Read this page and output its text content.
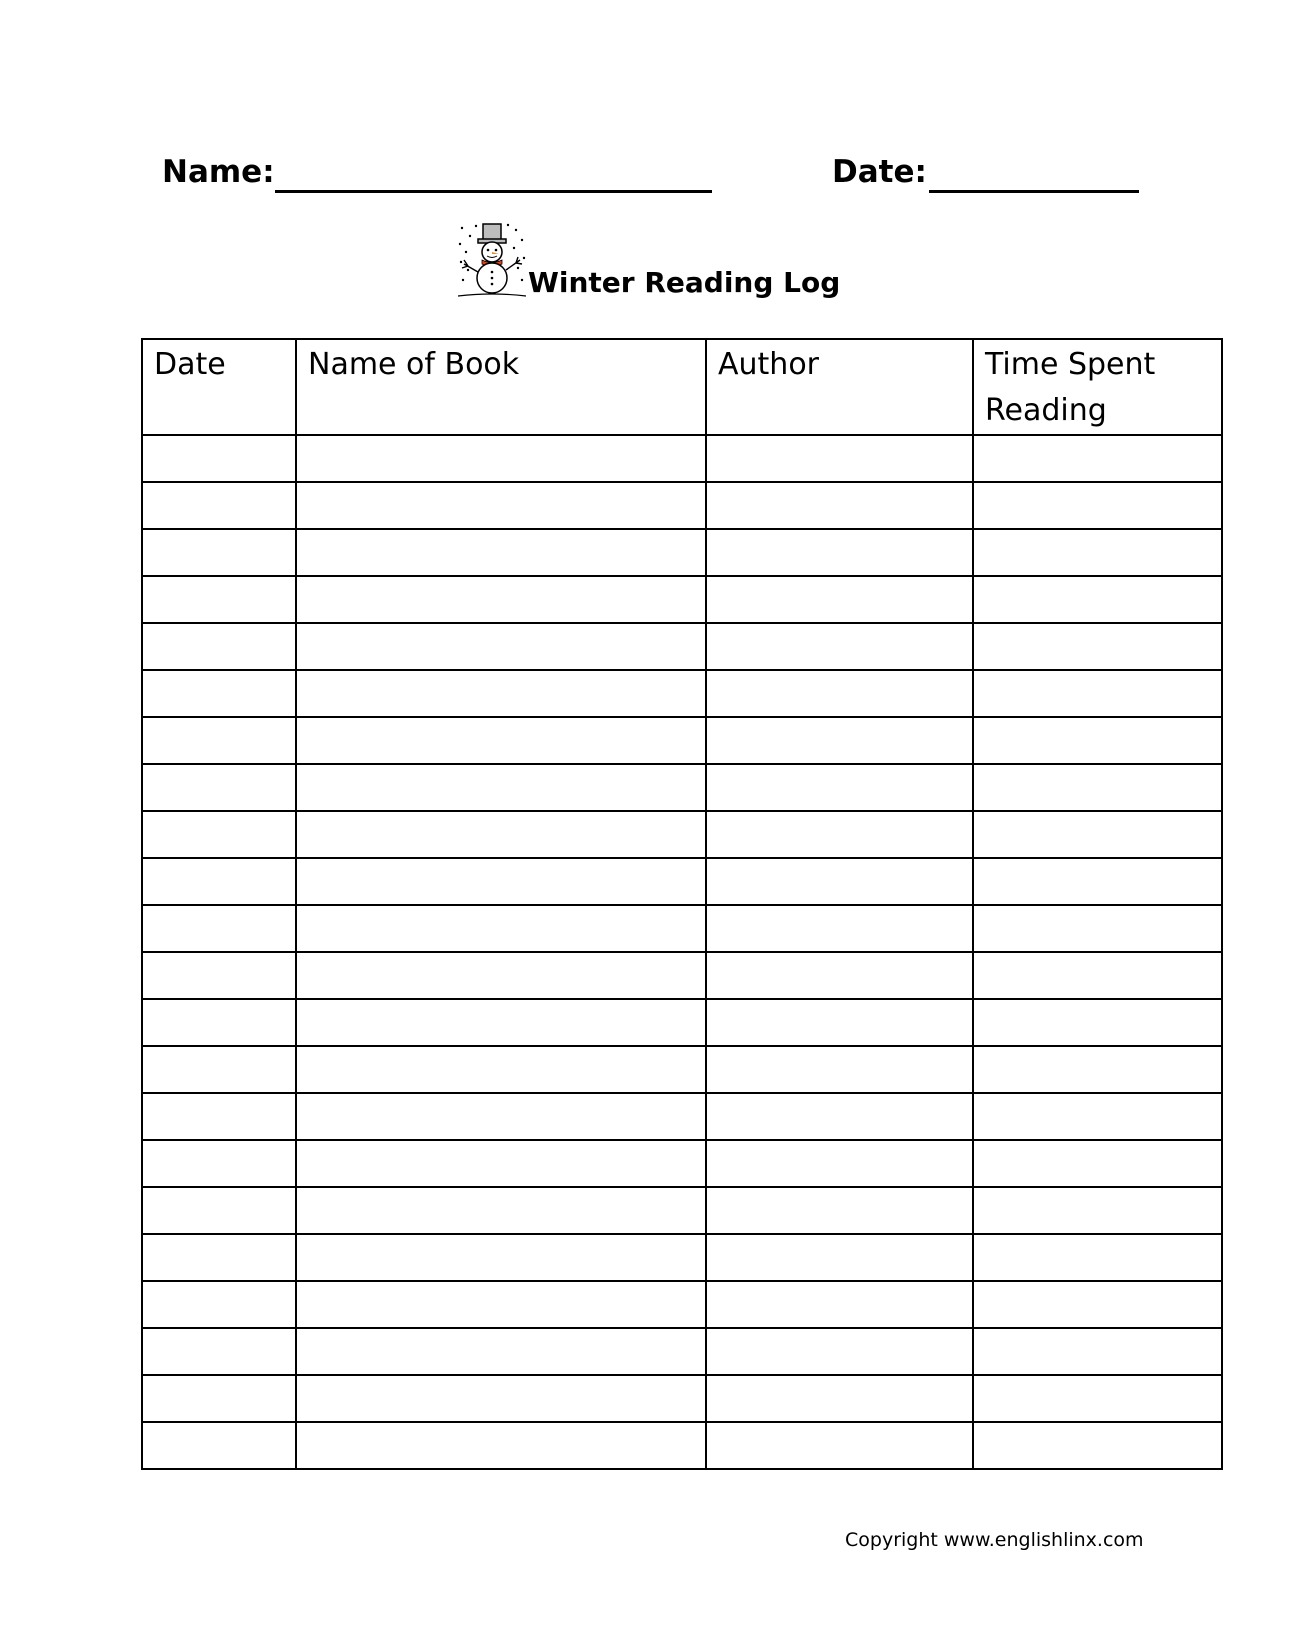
Name:	Date:
Winter Reading Log
Date	Name of Book	Author	Time Spent Reading

Copyright www.englishlinx.com
